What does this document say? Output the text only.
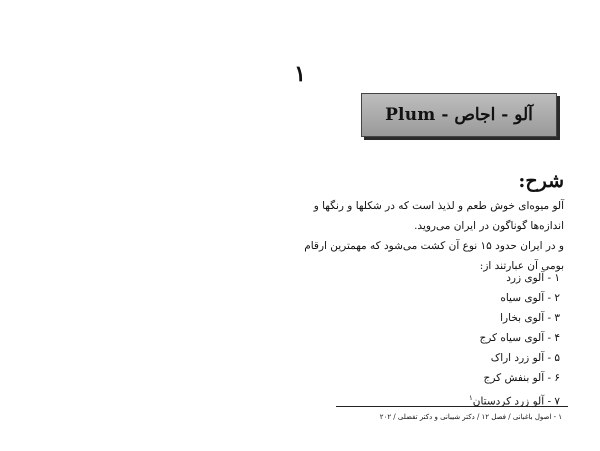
۱
آلو - اجاص - Plum
شرح:

آلو میوه‌ای خوش طعم و لذیذ است که در شکلها و رنگها و اندازه‌ها گوناگون در ایران می‌روید.

و در ایران حدود ۱۵ نوع آن کشت می‌شود که مهمترین ارقام بومی آن عبارتند از:

۱ - آلوی زرد
۲ - آلوی سیاه
۳ - آلوی بخارا
۴ - آلوی سیاه کرج
۵ - آلو زرد اراک
۶ - آلو بنفش کرج
۷ - آلو زرد کردستان$^۱$
۱ - اصول باغبانی / فصل ۱۲ / دکتر شیبانی و دکتر تفضلی / ۲۰۲
